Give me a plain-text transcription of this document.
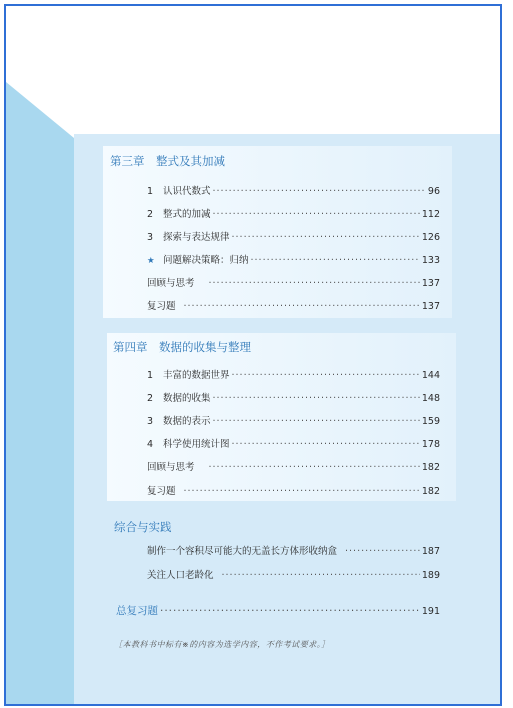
第三章　整式及其加减
1	认识代数式 ·····	96
2	整式的加减 ·····	112
3	探索与表达规律 ·····	126
★ 问题解决策略：归纳 ·····	133
回顾与思考 ·····	137
复习题 ·····	137
第四章　数据的收集与整理
1	丰富的数据世界 ·····	144
2	数据的收集 ·····	148
3	数据的表示 ·····	159
4	科学使用统计图 ·····	178
回顾与思考 ·····	182
复习题 ·····	182
综合与实践
制作一个容积尽可能大的无盖长方体形收纳盒 ·····	187
关注人口老龄化 ·····	189
总复习题 ·····	191
［本教科书中标有※的内容为选学内容，不作考试要求。］
